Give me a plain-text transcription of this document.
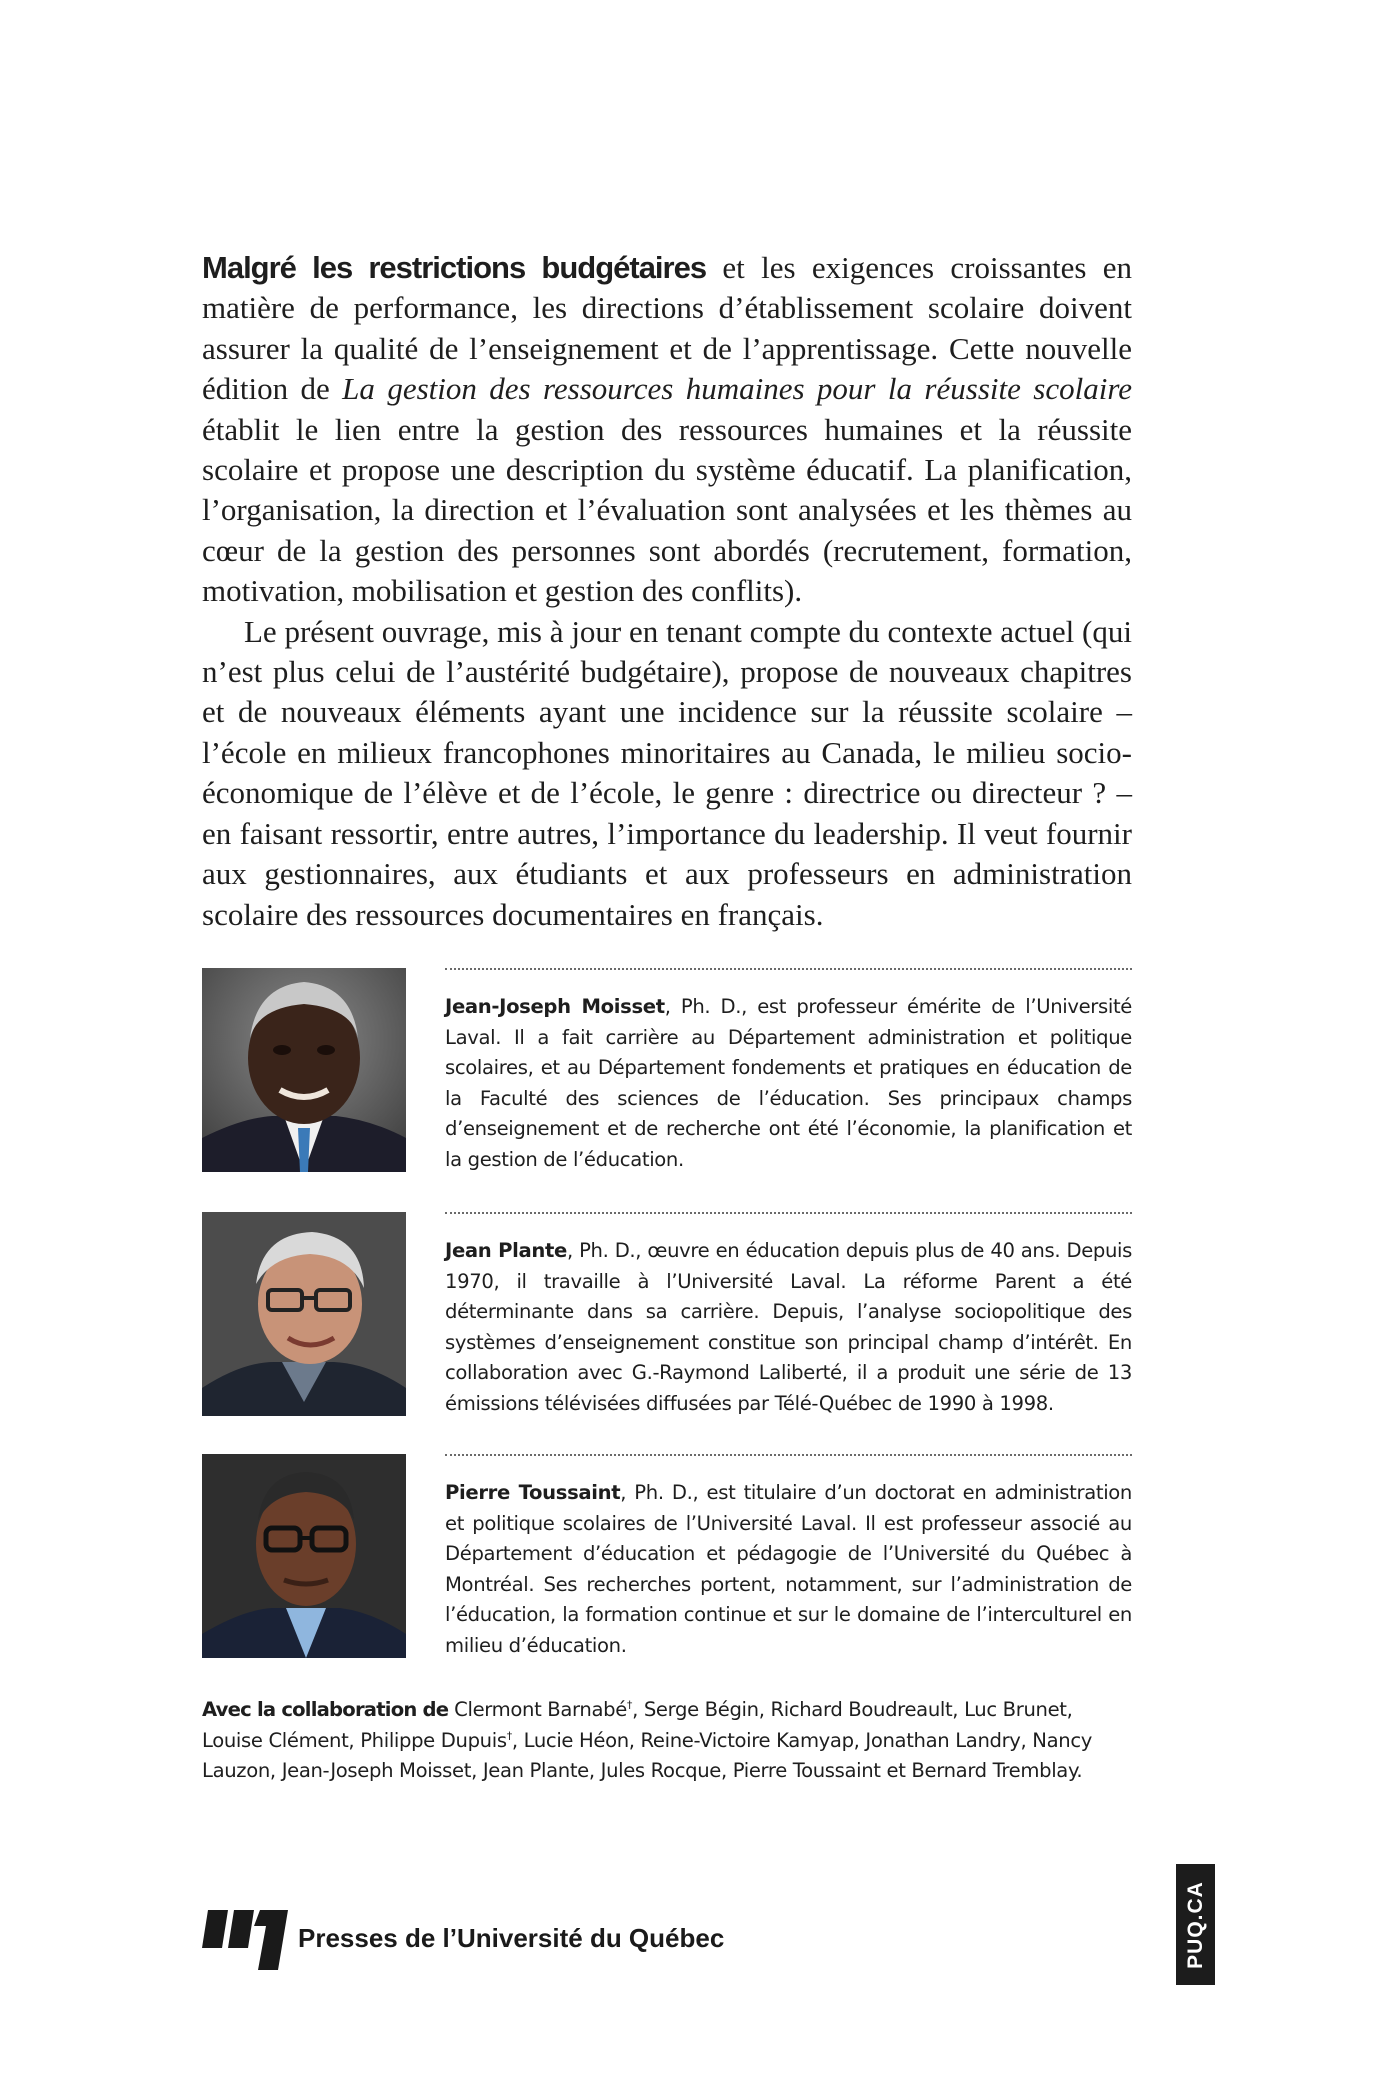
Malgré les restrictions budgétaires et les exigences croissantes en matière de performance, les directions d’établissement scolaire doivent assurer la qualité de l’enseignement et de l’apprentissage. Cette nouvelle édition de La gestion des ressources humaines pour la réussite scolaire établit le lien entre la gestion des ressources humaines et la réussite scolaire et propose une description du système éducatif. La planification, l’organisation, la direction et l’évaluation sont analysées et les thèmes au cœur de la gestion des personnes sont abordés (recrutement, formation, motivation, mobilisation et gestion des conflits).

Le présent ouvrage, mis à jour en tenant compte du contexte actuel (qui n’est plus celui de l’austérité budgétaire), propose de nouveaux chapitres et de nouveaux éléments ayant une incidence sur la réussite scolaire – l’école en milieux francophones minoritaires au Canada, le milieu socio-économique de l’élève et de l’école, le genre : directrice ou directeur ? – en faisant ressortir, entre autres, l’importance du leadership. Il veut fournir aux gestionnaires, aux étudiants et aux professeurs en administration scolaire des ressources documentaires en français.

Jean-Joseph Moisset, Ph. D., est professeur émérite de l’Université Laval. Il a fait carrière au Département administration et politique scolaires, et au Département fondements et pratiques en éducation de la Faculté des sciences de l’éducation. Ses principaux champs d’enseignement et de recherche ont été l’économie, la planification et la gestion de l’éducation.

Jean Plante, Ph. D., œuvre en éducation depuis plus de 40 ans. Depuis 1970, il travaille à l’Université Laval. La réforme Parent a été déterminante dans sa carrière. Depuis, l’analyse sociopolitique des systèmes d’enseignement constitue son principal champ d’intérêt. En collaboration avec G.-Raymond Laliberté, il a produit une série de 13 émissions télévisées diffusées par Télé-Québec de 1990 à 1998.

Pierre Toussaint, Ph. D., est titulaire d’un doctorat en administration et politique scolaires de l’Université Laval. Il est professeur associé au Département d’éducation et pédagogie de l’Université du Québec à Montréal. Ses recherches portent, notamment, sur l’administration de l’éducation, la formation continue et sur le domaine de l’interculturel en milieu d’éducation.

Avec la collaboration de Clermont Barnabé†, Serge Bégin, Richard Boudreault, Luc Brunet, Louise Clément, Philippe Dupuis†, Lucie Héon, Reine-Victoire Kamyap, Jonathan Landry, Nancy Lauzon, Jean-Joseph Moisset, Jean Plante, Jules Rocque, Pierre Toussaint et Bernard Tremblay.

Presses de l’Université du Québec	PUQ.CA
